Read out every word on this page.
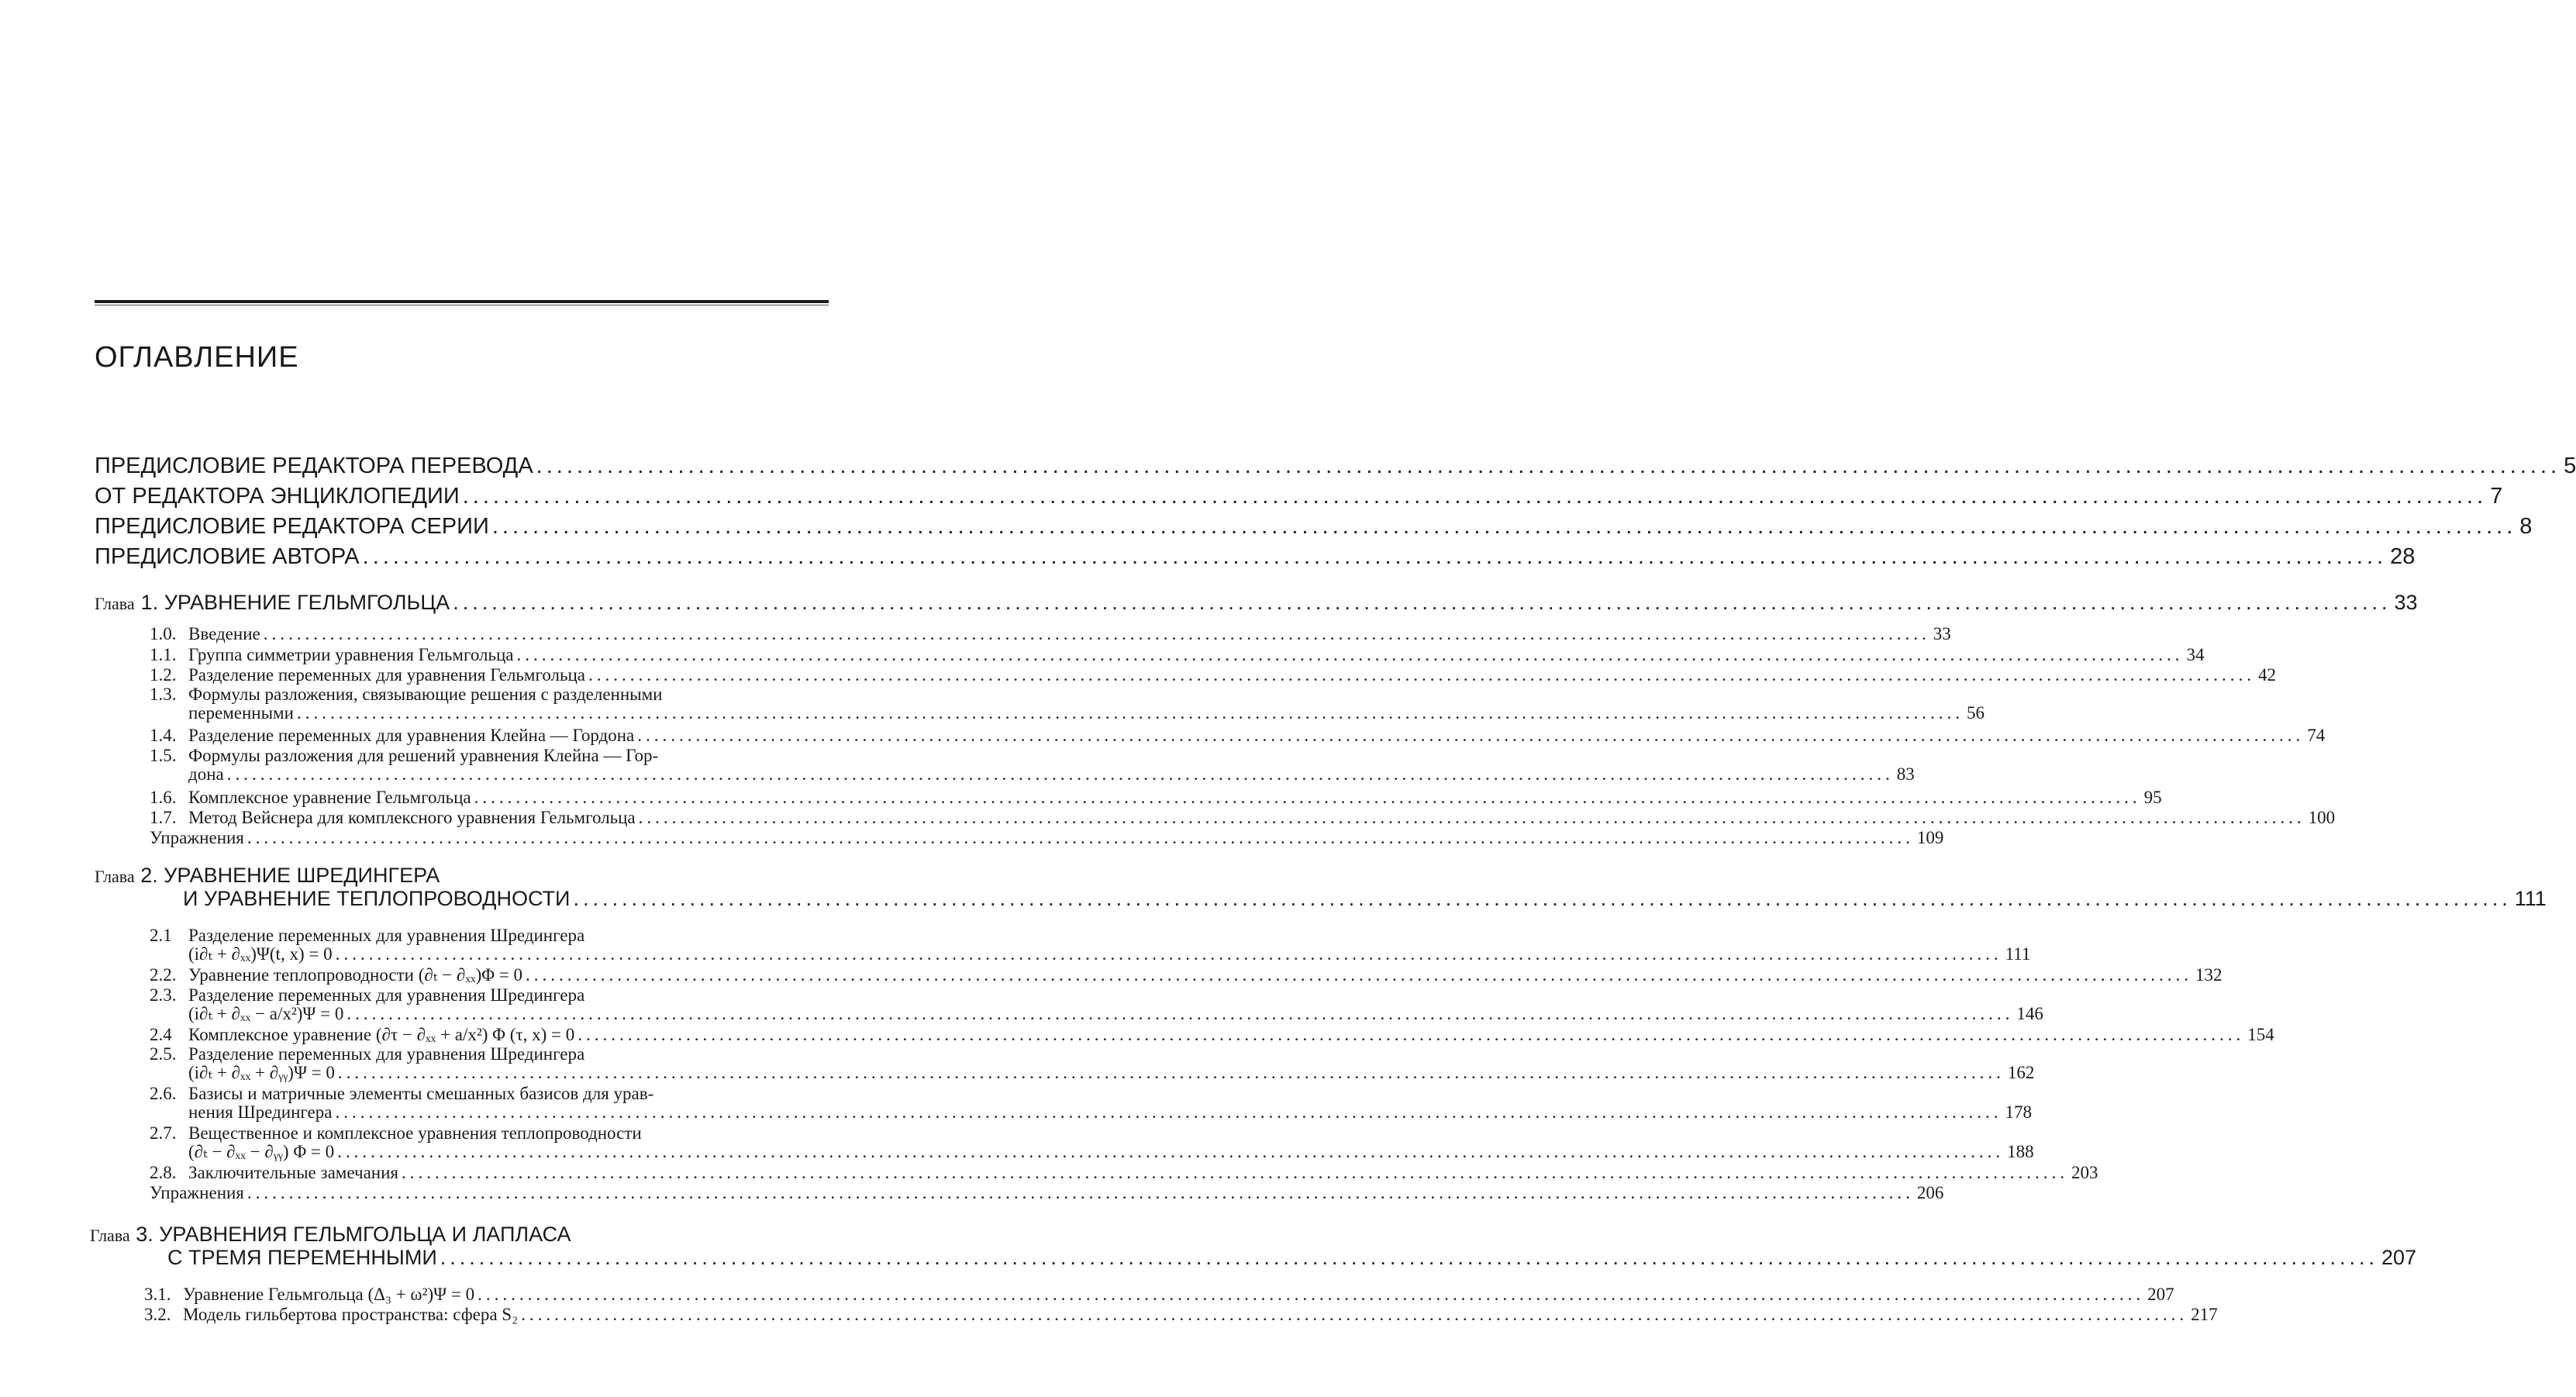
ОГЛАВЛЕНИЕ
ПРЕДИСЛОВИЕ РЕДАКТОРА ПЕРЕВОДА ........................................................................................................................................................................................................ 5
ОТ РЕДАКТОРА ЭНЦИКЛОПЕДИИ ........................................................................................................................................................................................................ 7
ПРЕДИСЛОВИЕ РЕДАКТОРА СЕРИИ ........................................................................................................................................................................................................ 8
ПРЕДИСЛОВИЕ АВТОРА ........................................................................................................................................................................................................ 28
Глава 1. УРАВНЕНИЕ ГЕЛЬМГОЛЬЦА ........................................................................................................................................................................................................ 33
1.0. Введение ........................................................................................................................................................................................................ 33
1.1. Группа симметрии уравнения Гельмгольца ........................................................................................................................................................................................................ 34
1.2. Разделение переменных для уравнения Гельмгольца ........................................................................................................................................................................................................ 42
1.3. Формулы разложения, связывающие решения с разделенными
переменными ........................................................................................................................................................................................................ 56
1.4. Разделение переменных для уравнения Клейна — Гордона ........................................................................................................................................................................................................ 74
1.5. Формулы разложения для решений уравнения Клейна — Гор-
дона ........................................................................................................................................................................................................ 83
1.6. Комплексное уравнение Гельмгольца ........................................................................................................................................................................................................ 95
1.7. Метод Вейснера для комплексного уравнения Гельмгольца ........................................................................................................................................................................................................ 100
Упражнения ........................................................................................................................................................................................................ 109
Глава 2. УРАВНЕНИЕ ШРЕДИНГЕРА
И УРАВНЕНИЕ ТЕПЛОПРОВОДНОСТИ ........................................................................................................................................................................................................ 111
2.1 Разделение переменных для уравнения Шредингера
(i∂ₜ + ∂ₓₓ)Ψ(t, x) = 0 ........................................................................................................................................................................................................ 111
2.2. Уравнение теплопроводности (∂ₜ − ∂ₓₓ)Φ = 0 ........................................................................................................................................................................................................ 132
2.3. Разделение переменных для уравнения Шредингера
(i∂ₜ + ∂ₓₓ − a/x²)Ψ = 0 ........................................................................................................................................................................................................ 146
2.4 Комплексное уравнение (∂τ − ∂ₓₓ + a/x²) Φ (τ, x) = 0 ........................................................................................................................................................................................................ 154
2.5. Разделение переменных для уравнения Шредингера
(i∂ₜ + ∂ₓₓ + ∂ᵧᵧ)Ψ = 0 ........................................................................................................................................................................................................ 162
2.6. Базисы и матричные элементы смешанных базисов для урав-
нения Шредингера ........................................................................................................................................................................................................ 178
2.7. Вещественное и комплексное уравнения теплопроводности
(∂ₜ − ∂ₓₓ − ∂ᵧᵧ) Φ = 0 ........................................................................................................................................................................................................ 188
2.8. Заключительные замечания ........................................................................................................................................................................................................ 203
Упражнения ........................................................................................................................................................................................................ 206
Глава 3. УРАВНЕНИЯ ГЕЛЬМГОЛЬЦА И ЛАПЛАСА
С ТРЕМЯ ПЕРЕМЕННЫМИ ........................................................................................................................................................................................................ 207
3.1. Уравнение Гельмгольца (Δ₃ + ω²)Ψ = 0 ........................................................................................................................................................................................................ 207
3.2. Модель гильбертова пространства: сфера S₂ ........................................................................................................................................................................................................ 217
